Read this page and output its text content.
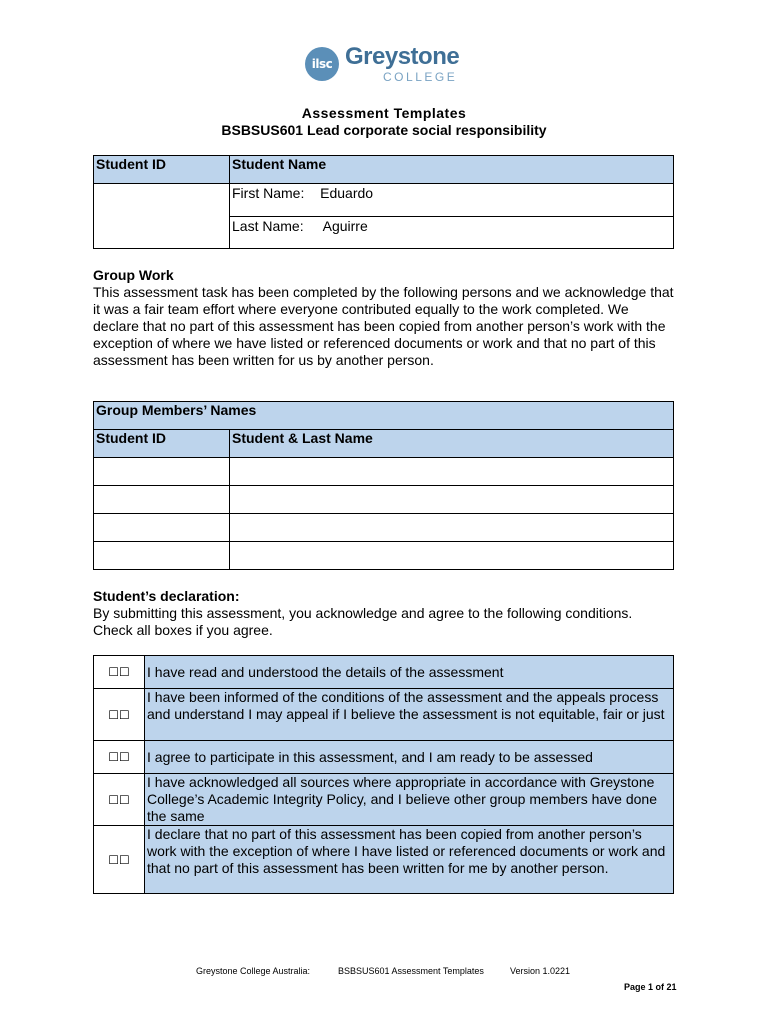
ilsc Greystone
COLLEGE
Assessment Templates
BSBSUS601 Lead corporate social responsibility
Student ID	Student Name
	First Name: Eduardo
	Last Name: Aguirre
Group Work
This assessment task has been completed by the following persons and we acknowledge that it was a fair team effort where everyone contributed equally to the work completed. We declare that no part of this assessment has been copied from another person’s work with the exception of where we have listed or referenced documents or work and that no part of this assessment has been written for us by another person.
Group Members’ Names	
Student ID	Student & Last Name

Student’s declaration:
By submitting this assessment, you acknowledge and agree to the following conditions. Check all boxes if you agree.
☐☐	I have read and understood the details of the assessment
☐☐	I have been informed of the conditions of the assessment and the appeals process and understand I may appeal if I believe the assessment is not equitable, fair or just
☐☐	I agree to participate in this assessment, and I am ready to be assessed
☐☐	I have acknowledged all sources where appropriate in accordance with Greystone College’s Academic Integrity Policy, and I believe other group members have done the same
☐☐	I declare that no part of this assessment has been copied from another person’s work with the exception of where I have listed or referenced documents or work and that no part of this assessment has been written for me by another person.
Greystone College Australia:	BSBSUS601 Assessment Templates	Version 1.0221
Page 1 of 21
